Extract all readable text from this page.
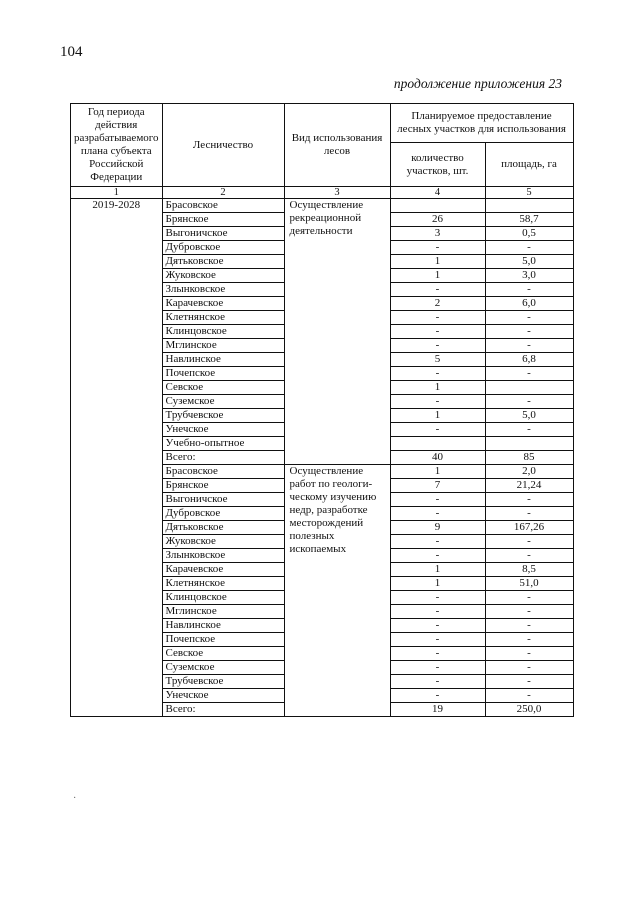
104
продолжение приложения 23
Год периода действия разрабатываемого плана субъекта Российской Федерации	Лесничество	Вид использования лесов	Планируемое предоставление лесных участков для использования	
			количество участков, шт.	площадь, га
1	2	3	4	5
2019-2028	Брасовское	Осуществление рекреационной деятельности		
	Брянское		26	58,7
	Выгоничское		3	0,5
	Дубровское		-	-
	Дятьковское		1	5,0
	Жуковское		1	3,0
	Злынковское		-	-
	Карачевское		2	6,0
	Клетнянское		-	-
	Клинцовское		-	-
	Мглинское		-	-
	Навлинское		5	6,8
	Почепское		-	-
	Севское		1	
	Суземское		-	-
	Трубчевское		1	5,0
	Унечское		-	-
	Учебно-опытное			
	Всего:		40	85
	Брасовское	Осуществление работ по геологи-ческому изучению недр, разработке месторождений полезных ископаемых	1	2,0
	Брянское		7	21,24
	Выгоничское		-	-
	Дубровское		-	-
	Дятьковское		9	167,26
	Жуковское		-	-
	Злынковское		-	-
	Карачевское		1	8,5
	Клетнянское		1	51,0
	Клинцовское		-	-
	Мглинское		-	-
	Навлинское		-	-
	Почепское		-	-
	Севское		-	-
	Суземское		-	-
	Трубчевское		-	-
	Унечское		-	-
	Всего:		19	250,0
·
